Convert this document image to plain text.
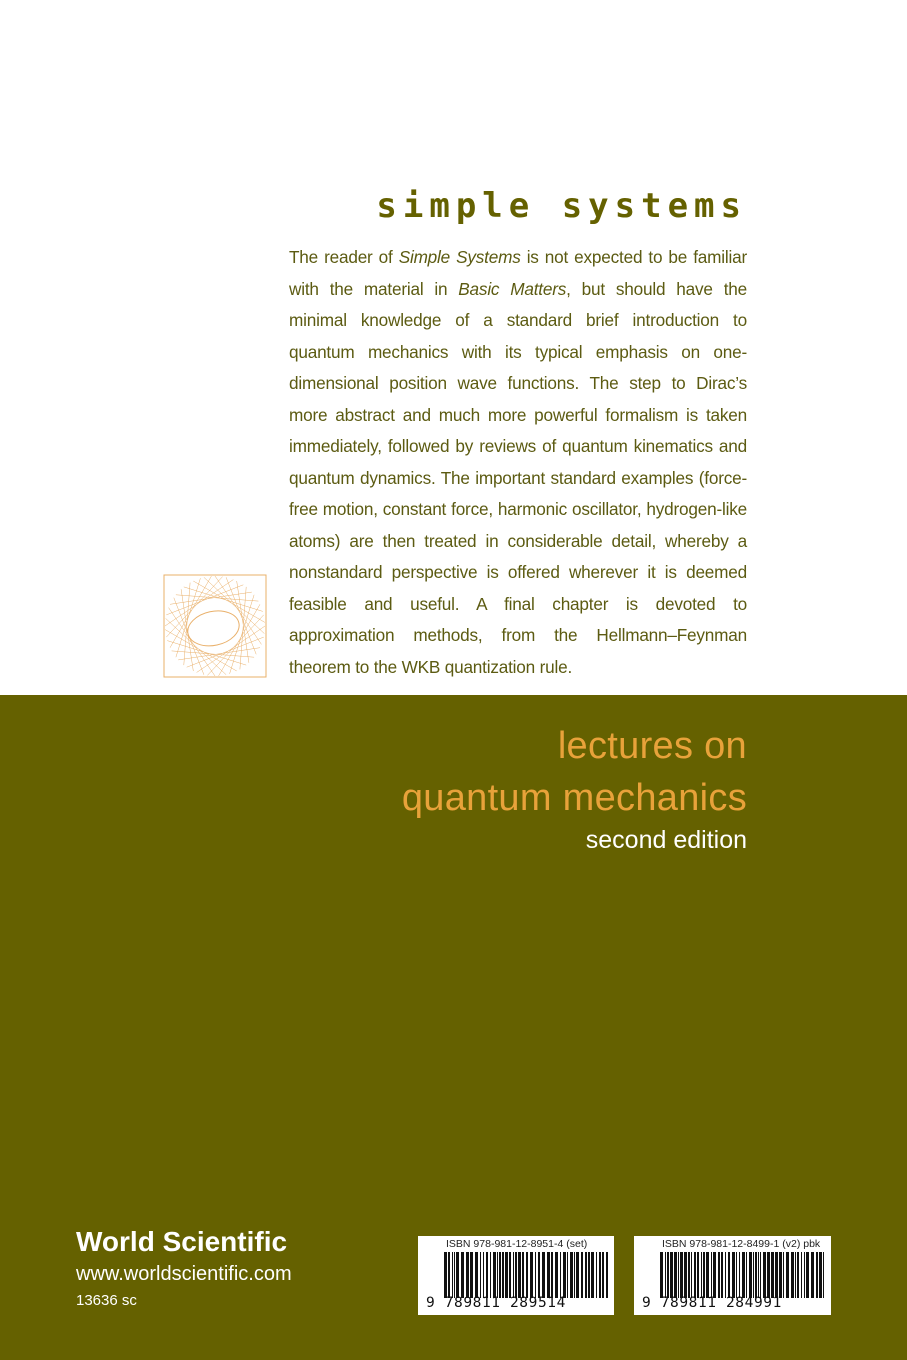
simple systems

The reader of Simple Systems is not expected to be familiar with the material in Basic Matters, but should have the minimal knowledge of a standard brief introduction to quantum mechanics with its typical emphasis on one-dimensional position wave functions. The step to Dirac’s more abstract and much more powerful formalism is taken immediately, followed by reviews of quantum kinematics and quantum dynamics. The important standard examples (force-free motion, constant force, harmonic oscillator, hydrogen-like atoms) are then treated in considerable detail, whereby a nonstandard perspective is offered wherever it is deemed feasible and useful. A final chapter is devoted to approximation methods, from the Hellmann–Feynman theorem to the WKB quantization rule.

lectures on
quantum mechanics
second edition
World Scientific
www.worldscientific.com
13636 sc
ISBN 978-981-12-8951-4 (set)
9 789811 289514
ISBN 978-981-12-8499-1 (v2) pbk
9 789811 284991
